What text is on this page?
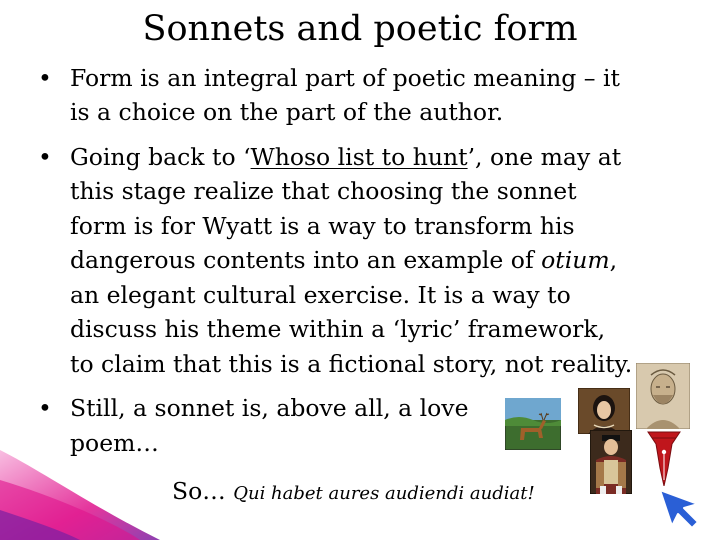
Sonnets and poetic form
• Form is an integral part of poetic meaning – it
is a choice on the part of the author.
• Going back to ‘Whoso list to hunt’, one may at
this stage realize that choosing the sonnet
form is for Wyatt is a way to transform his
dangerous contents into an example of otium,
an elegant cultural exercise. It is a way to
discuss his theme within a ‘lyric’ framework,
to claim that this is a fictional story, not reality.
• Still, a sonnet is, above all, a love
poem…
So… Qui habet aures audiendi audiat!
